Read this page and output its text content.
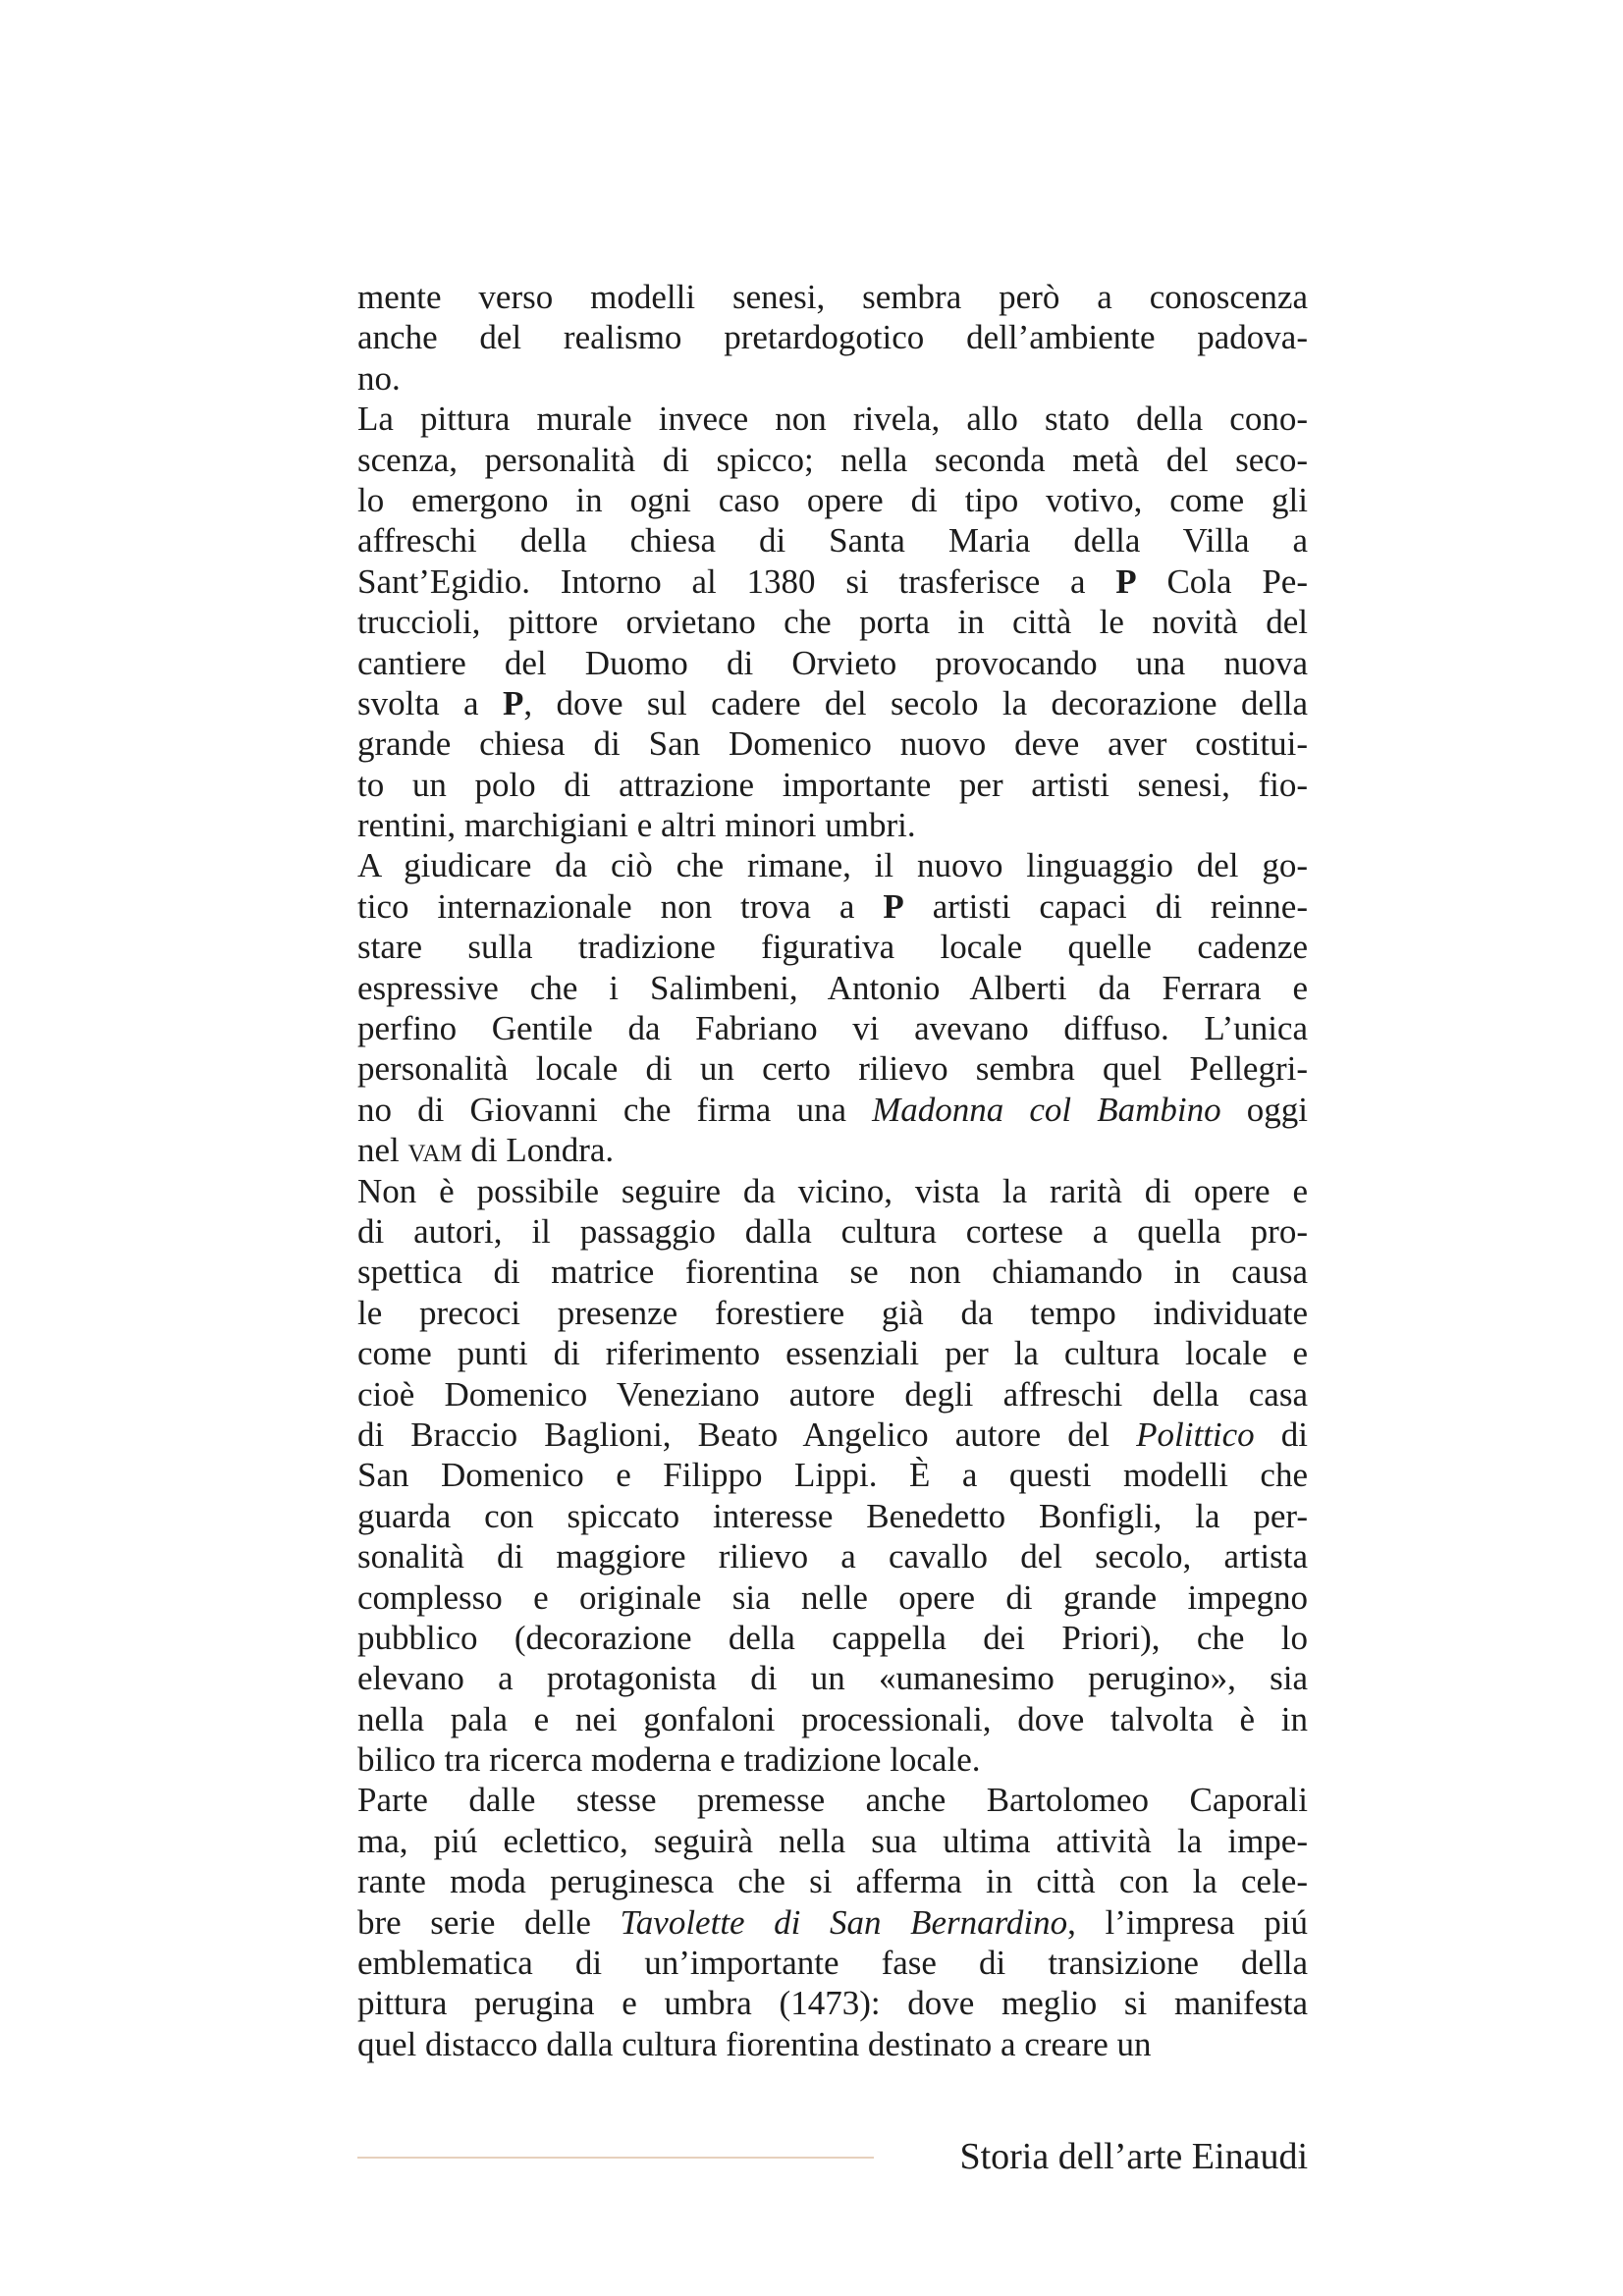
mente verso modelli senesi, sembra però a conoscenza
anche del realismo pretardogotico dell’ambiente padova-
no.
La pittura murale invece non rivela, allo stato della cono-
scenza, personalità di spicco; nella seconda metà del seco-
lo emergono in ogni caso opere di tipo votivo, come gli
affreschi della chiesa di Santa Maria della Villa a
Sant’Egidio. Intorno al 1380 si trasferisce a P Cola Pe-
truccioli, pittore orvietano che porta in città le novità del
cantiere del Duomo di Orvieto provocando una nuova
svolta a P, dove sul cadere del secolo la decorazione della
grande chiesa di San Domenico nuovo deve aver costitui-
to un polo di attrazione importante per artisti senesi, fio-
rentini, marchigiani e altri minori umbri.
A giudicare da ciò che rimane, il nuovo linguaggio del go-
tico internazionale non trova a P artisti capaci di reinne-
stare sulla tradizione figurativa locale quelle cadenze
espressive che i Salimbeni, Antonio Alberti da Ferrara e
perfino Gentile da Fabriano vi avevano diffuso. L’unica
personalità locale di un certo rilievo sembra quel Pellegri-
no di Giovanni che firma una Madonna col Bambino oggi
nel vam di Londra.
Non è possibile seguire da vicino, vista la rarità di opere e
di autori, il passaggio dalla cultura cortese a quella pro-
spettica di matrice fiorentina se non chiamando in causa
le precoci presenze forestiere già da tempo individuate
come punti di riferimento essenziali per la cultura locale e
cioè Domenico Veneziano autore degli affreschi della casa
di Braccio Baglioni, Beato Angelico autore del Polittico di
San Domenico e Filippo Lippi. È a questi modelli che
guarda con spiccato interesse Benedetto Bonfigli, la per-
sonalità di maggiore rilievo a cavallo del secolo, artista
complesso e originale sia nelle opere di grande impegno
pubblico (decorazione della cappella dei Priori), che lo
elevano a protagonista di un «umanesimo perugino», sia
nella pala e nei gonfaloni processionali, dove talvolta è in
bilico tra ricerca moderna e tradizione locale.
Parte dalle stesse premesse anche Bartolomeo Caporali
ma, piú eclettico, seguirà nella sua ultima attività la impe-
rante moda peruginesca che si afferma in città con la cele-
bre serie delle Tavolette di San Bernardino, l’impresa piú
emblematica di un’importante fase di transizione della
pittura perugina e umbra (1473): dove meglio si manifesta
quel distacco dalla cultura fiorentina destinato a creare un
Storia dell’arte Einaudi
